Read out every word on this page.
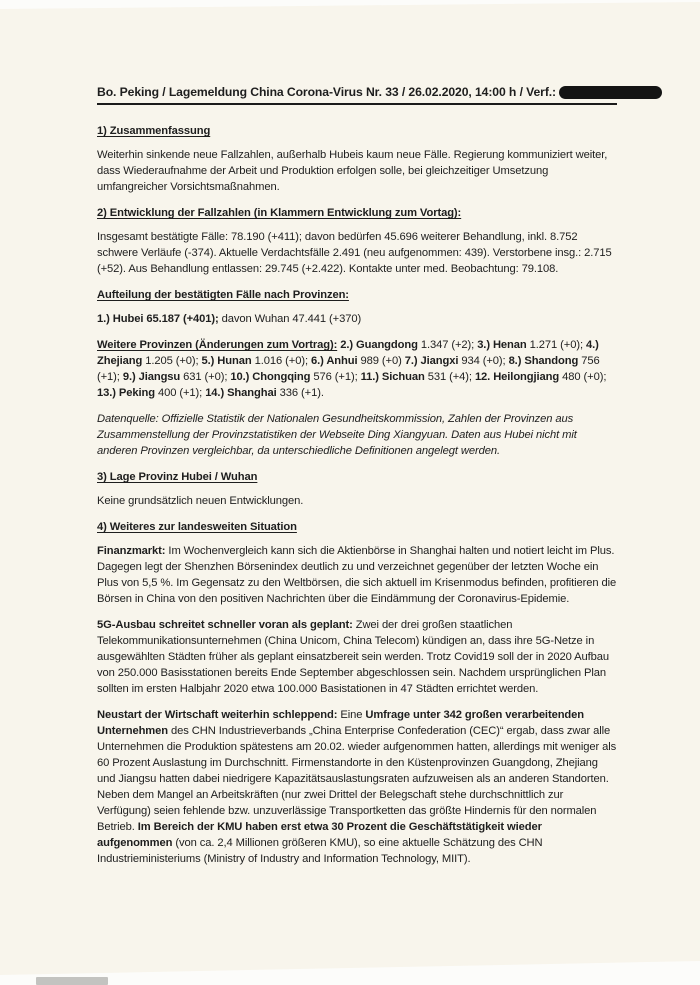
Bo. Peking / Lagemeldung China Corona-Virus Nr. 33 / 26.02.2020, 14:00 h / Verf.:

1) Zusammenfassung

Weiterhin sinkende neue Fallzahlen, außerhalb Hubeis kaum neue Fälle. Regierung kommuniziert weiter, dass Wiederaufnahme der Arbeit und Produktion erfolgen solle, bei gleichzeitiger Umsetzung umfangreicher Vorsichtsmaßnahmen.

2) Entwicklung der Fallzahlen (in Klammern Entwicklung zum Vortag):

Insgesamt bestätigte Fälle: 78.190 (+411); davon bedürfen 45.696 weiterer Behandlung, inkl. 8.752 schwere Verläufe (-374). Aktuelle Verdachtsfälle 2.491 (neu aufgenommen: 439). Verstorbene insg.: 2.715 (+52). Aus Behandlung entlassen: 29.745 (+2.422). Kontakte unter med. Beobachtung: 79.108.

Aufteilung der bestätigten Fälle nach Provinzen:

1.) Hubei 65.187 (+401); davon Wuhan 47.441 (+370)

Weitere Provinzen (Änderungen zum Vortrag): 2.) Guangdong 1.347 (+2); 3.) Henan 1.271 (+0); 4.) Zhejiang 1.205 (+0); 5.) Hunan 1.016 (+0); 6.) Anhui 989 (+0) 7.) Jiangxi 934 (+0); 8.) Shandong 756 (+1); 9.) Jiangsu 631 (+0); 10.) Chongqing 576 (+1); 11.) Sichuan 531 (+4); 12. Heilongjiang 480 (+0); 13.) Peking 400 (+1); 14.) Shanghai 336 (+1).

Datenquelle: Offizielle Statistik der Nationalen Gesundheitskommission, Zahlen der Provinzen aus Zusammenstellung der Provinzstatistiken der Webseite Ding Xiangyuan. Daten aus Hubei nicht mit anderen Provinzen vergleichbar, da unterschiedliche Definitionen angelegt werden.

3) Lage Provinz Hubei / Wuhan

Keine grundsätzlich neuen Entwicklungen.

4) Weiteres zur landesweiten Situation

Finanzmarkt: Im Wochenvergleich kann sich die Aktienbörse in Shanghai halten und notiert leicht im Plus. Dagegen legt der Shenzhen Börsenindex deutlich zu und verzeichnet gegenüber der letzten Woche ein Plus von 5,5 %. Im Gegensatz zu den Weltbörsen, die sich aktuell im Krisenmodus befinden, profitieren die Börsen in China von den positiven Nachrichten über die Eindämmung der Coronavirus-Epidemie.

5G-Ausbau schreitet schneller voran als geplant: Zwei der drei großen staatlichen Telekommunikationsunternehmen (China Unicom, China Telecom) kündigen an, dass ihre 5G-Netze in ausgewählten Städten früher als geplant einsatzbereit sein werden. Trotz Covid19 soll der in 2020 Aufbau von 250.000 Basisstationen bereits Ende September abgeschlossen sein. Nachdem ursprünglichen Plan sollten im ersten Halbjahr 2020 etwa 100.000 Basistationen in 47 Städten errichtet werden.

Neustart der Wirtschaft weiterhin schleppend: Eine Umfrage unter 342 großen verarbeitenden Unternehmen des CHN Industrieverbands „China Enterprise Confederation (CEC)“ ergab, dass zwar alle Unternehmen die Produktion spätestens am 20.02. wieder aufgenommen hatten, allerdings mit weniger als 60 Prozent Auslastung im Durchschnitt. Firmenstandorte in den Küstenprovinzen Guangdong, Zhejiang und Jiangsu hatten dabei niedrigere Kapazitätsauslastungsraten aufzuweisen als an anderen Standorten. Neben dem Mangel an Arbeitskräften (nur zwei Drittel der Belegschaft stehe durchschnittlich zur Verfügung) seien fehlende bzw. unzuverlässige Transportketten das größte Hindernis für den normalen Betrieb. Im Bereich der KMU haben erst etwa 30 Prozent die Geschäftstätigkeit wieder aufgenommen (von ca. 2,4 Millionen größeren KMU), so eine aktuelle Schätzung des CHN Industrieministeriums (Ministry of Industry and Information Technology, MIIT).
